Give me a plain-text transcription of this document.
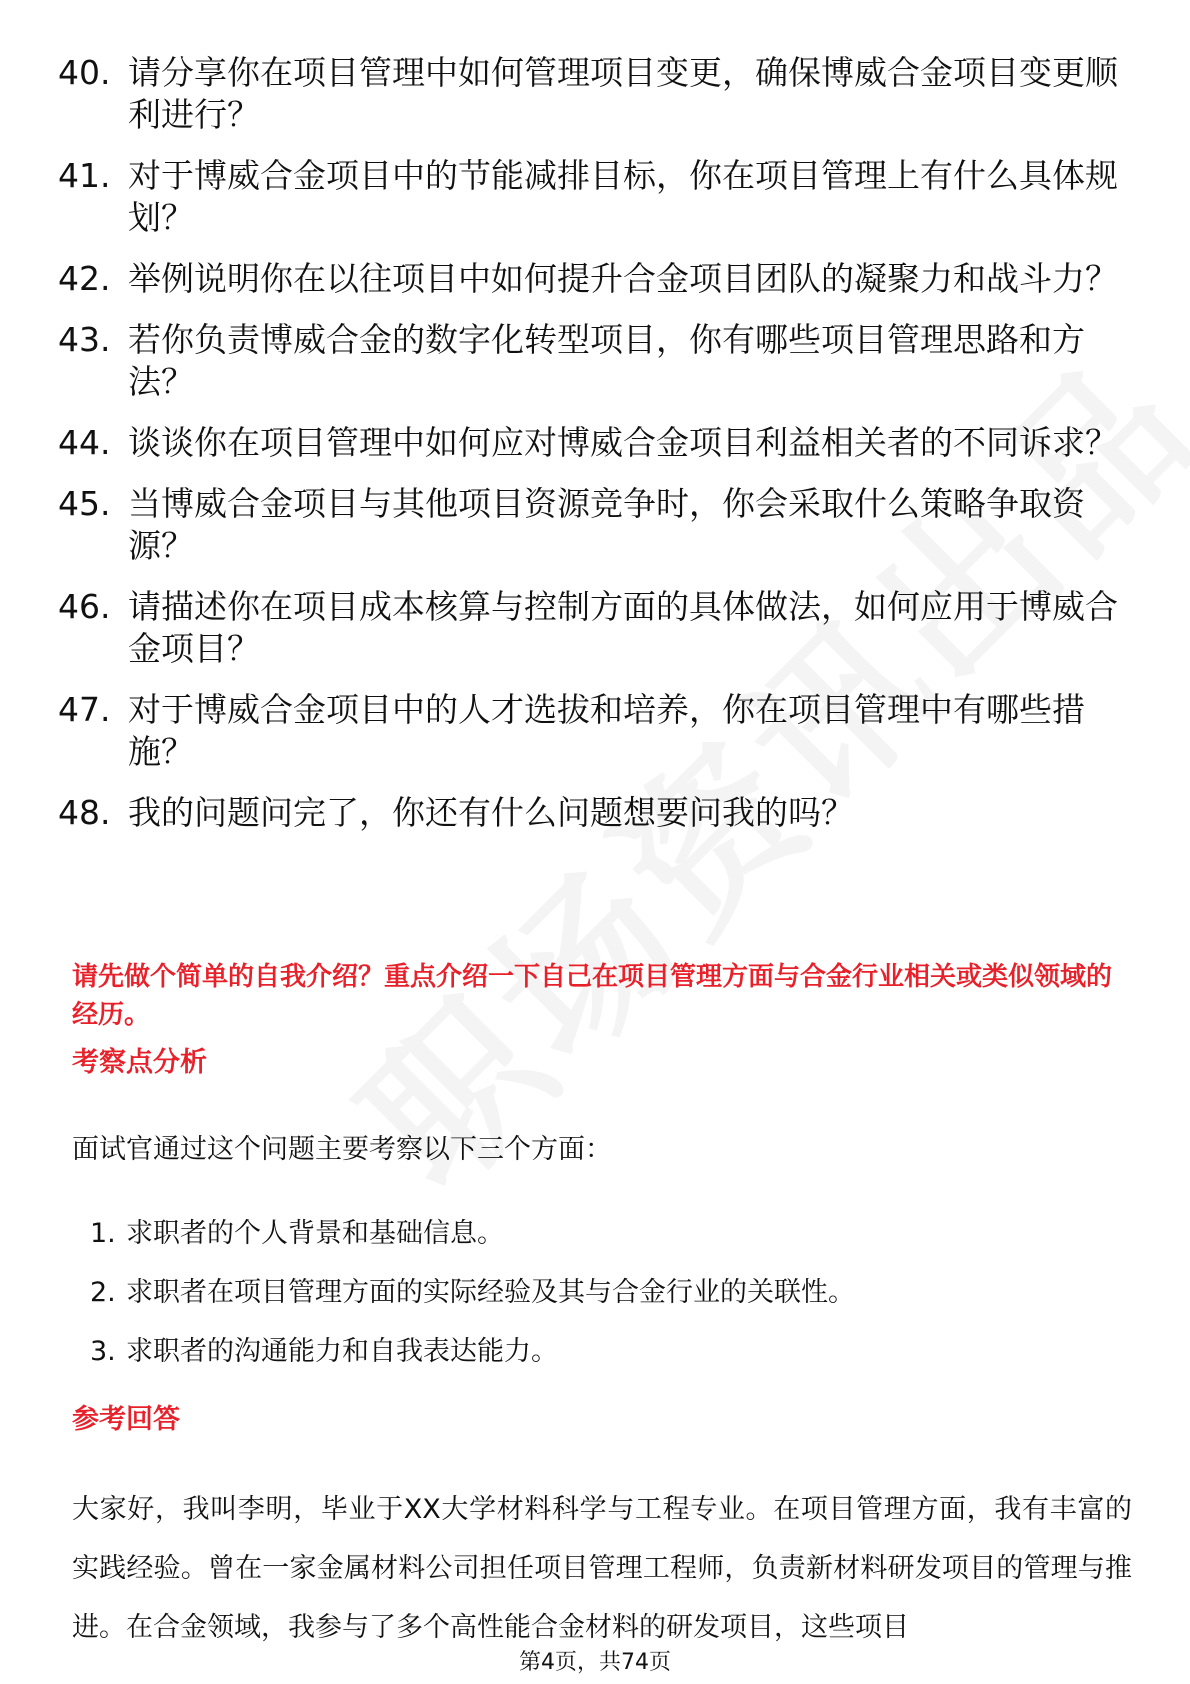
40. 请分享你在项目管理中如何管理项目变更，确保博威合金项目变更顺利进行？
41. 对于博威合金项目中的节能减排目标，你在项目管理上有什么具体规划？
42. 举例说明你在以往项目中如何提升合金项目团队的凝聚力和战斗力？
43. 若你负责博威合金的数字化转型项目，你有哪些项目管理思路和方法？
44. 谈谈你在项目管理中如何应对博威合金项目利益相关者的不同诉求？
45. 当博威合金项目与其他项目资源竞争时，你会采取什么策略争取资源？
46. 请描述你在项目成本核算与控制方面的具体做法，如何应用于博威合金项目？
47. 对于博威合金项目中的人才选拔和培养，你在项目管理中有哪些措施？
48. 我的问题问完了，你还有什么问题想要问我的吗？
请先做个简单的自我介绍？重点介绍一下自己在项目管理方面与合金行业相关或类似领域的经历。
考察点分析
面试官通过这个问题主要考察以下三个方面：
1. 求职者的个人背景和基础信息。
2. 求职者在项目管理方面的实际经验及其与合金行业的关联性。
3. 求职者的沟通能力和自我表达能力。
参考回答
大家好，我叫李明，毕业于XX大学材料科学与工程专业。在项目管理方面，我有丰富的实践经验。曾在一家金属材料公司担任项目管理工程师，负责新材料研发项目的管理与推进。在合金领域，我参与了多个高性能合金材料的研发项目，这些项目
第4页，共74页
